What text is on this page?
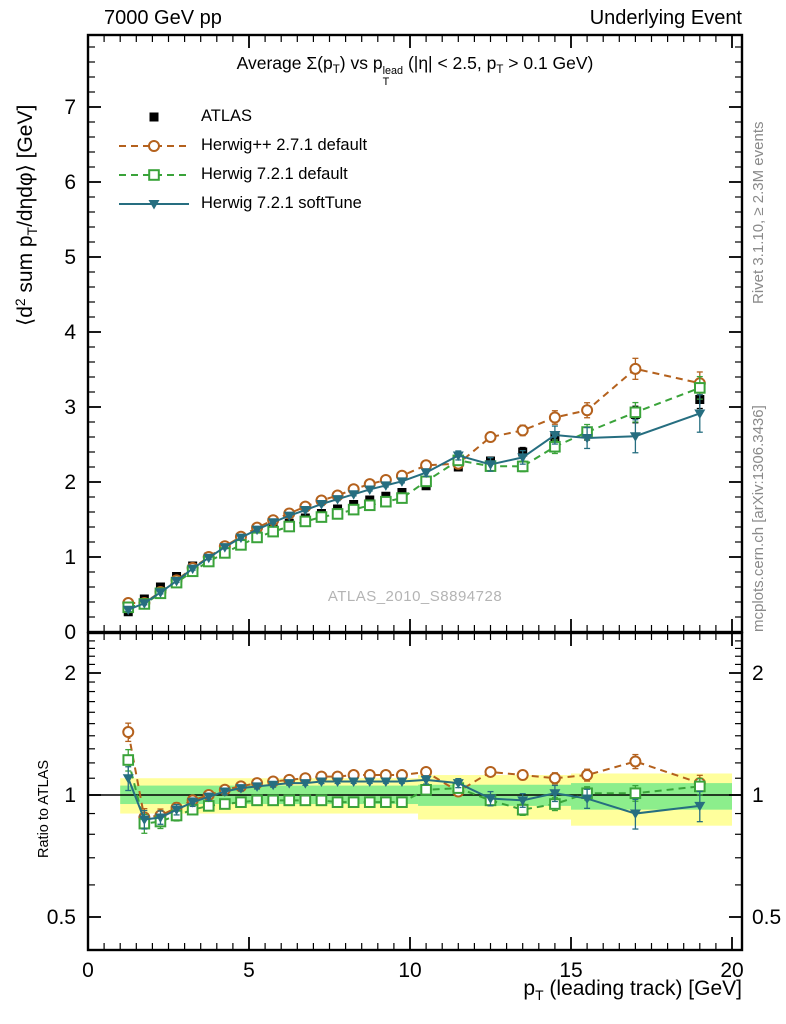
0
1
2
3
4
5
6
7
2	2
1	1
0.5	0.5
0	5	10	15	20
7000 GeV pp	Underlying Event
Average $\Sigma(p_T)$ vs p lead
T
(|η| < 2.5, $p_T > 0.1$ GeV)
$⟨d^2$ sum $p_T/d\eta d\varphi⟩$ [GeV]
Ratio to ATLAS
Rivet 3.1.10, ≥ 2.3M events
mcplots.cern.ch [arXiv:1306.3436]
ATLAS_2010_S8894728
$p_T$ (leading track) [GeV]
ATLAS
Herwig++ 2.7.1 default
Herwig 7.2.1 default
Herwig 7.2.1 softTune
